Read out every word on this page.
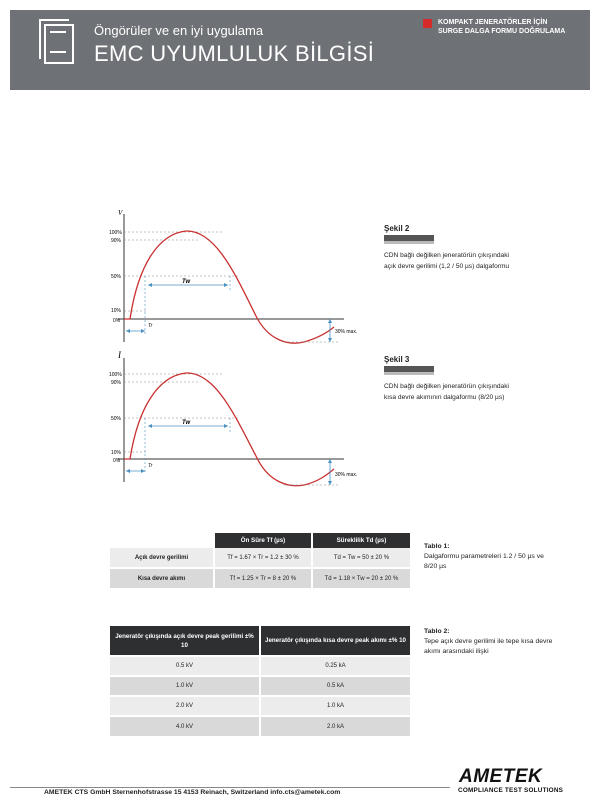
Öngörüler ve en iyi uygulama
EMC UYUMLULUK BİLGİSİ
KOMPAKT JENERATÖRLER İÇİN
SURGE DALGA FORMU DOĞRULAMA
V
100%
90%
50%
10%
0%
Tw
Tr
30% max.
Şekil 2
CDN bağlı değilken jeneratörün çıkışındaki açık devre gerilimi (1,2 / 50 µs) dalgaformu
I
100%
90%
50%
10%
0%
Tw
Tr
30% max.
Şekil 3
CDN bağlı değilken jeneratörün çıkışındaki kısa devre akımının dalgaformu (8/20 µs)
	Ön Süre Tf (µs)	Süreklilik Td (µs)
Açık devre gerilimi	Tf = 1.67 × Tr = 1.2 ± 30 %	Td = Tw = 50 ± 20 %
Kısa devre akımı	Tf = 1.25 × Tr = 8 ± 20 %	Td = 1.18 × Tw = 20 ± 20 %
Tablo 1:
Dalgaformu parametreleri 1.2 / 50 µs ve 8/20 µs
Jeneratör çıkışında açık devre peak gerilimi ±% 10	Jeneratör çıkışında kısa devre peak akımı ±% 10
0.5 kV	0.25 kA
1.0 kV	0.5 kA
2.0 kV	1.0 kA
4.0 kV	2.0 kA
Tablo 2:
Tepe açık devre gerilimi ile tepe kısa devre akımı arasındaki ilişki
AMETEK CTS GmbH Sternenhofstrasse 15 4153 Reinach, Switzerland info.cts@ametek.com
AMETEK
COMPLIANCE TEST SOLUTIONS
